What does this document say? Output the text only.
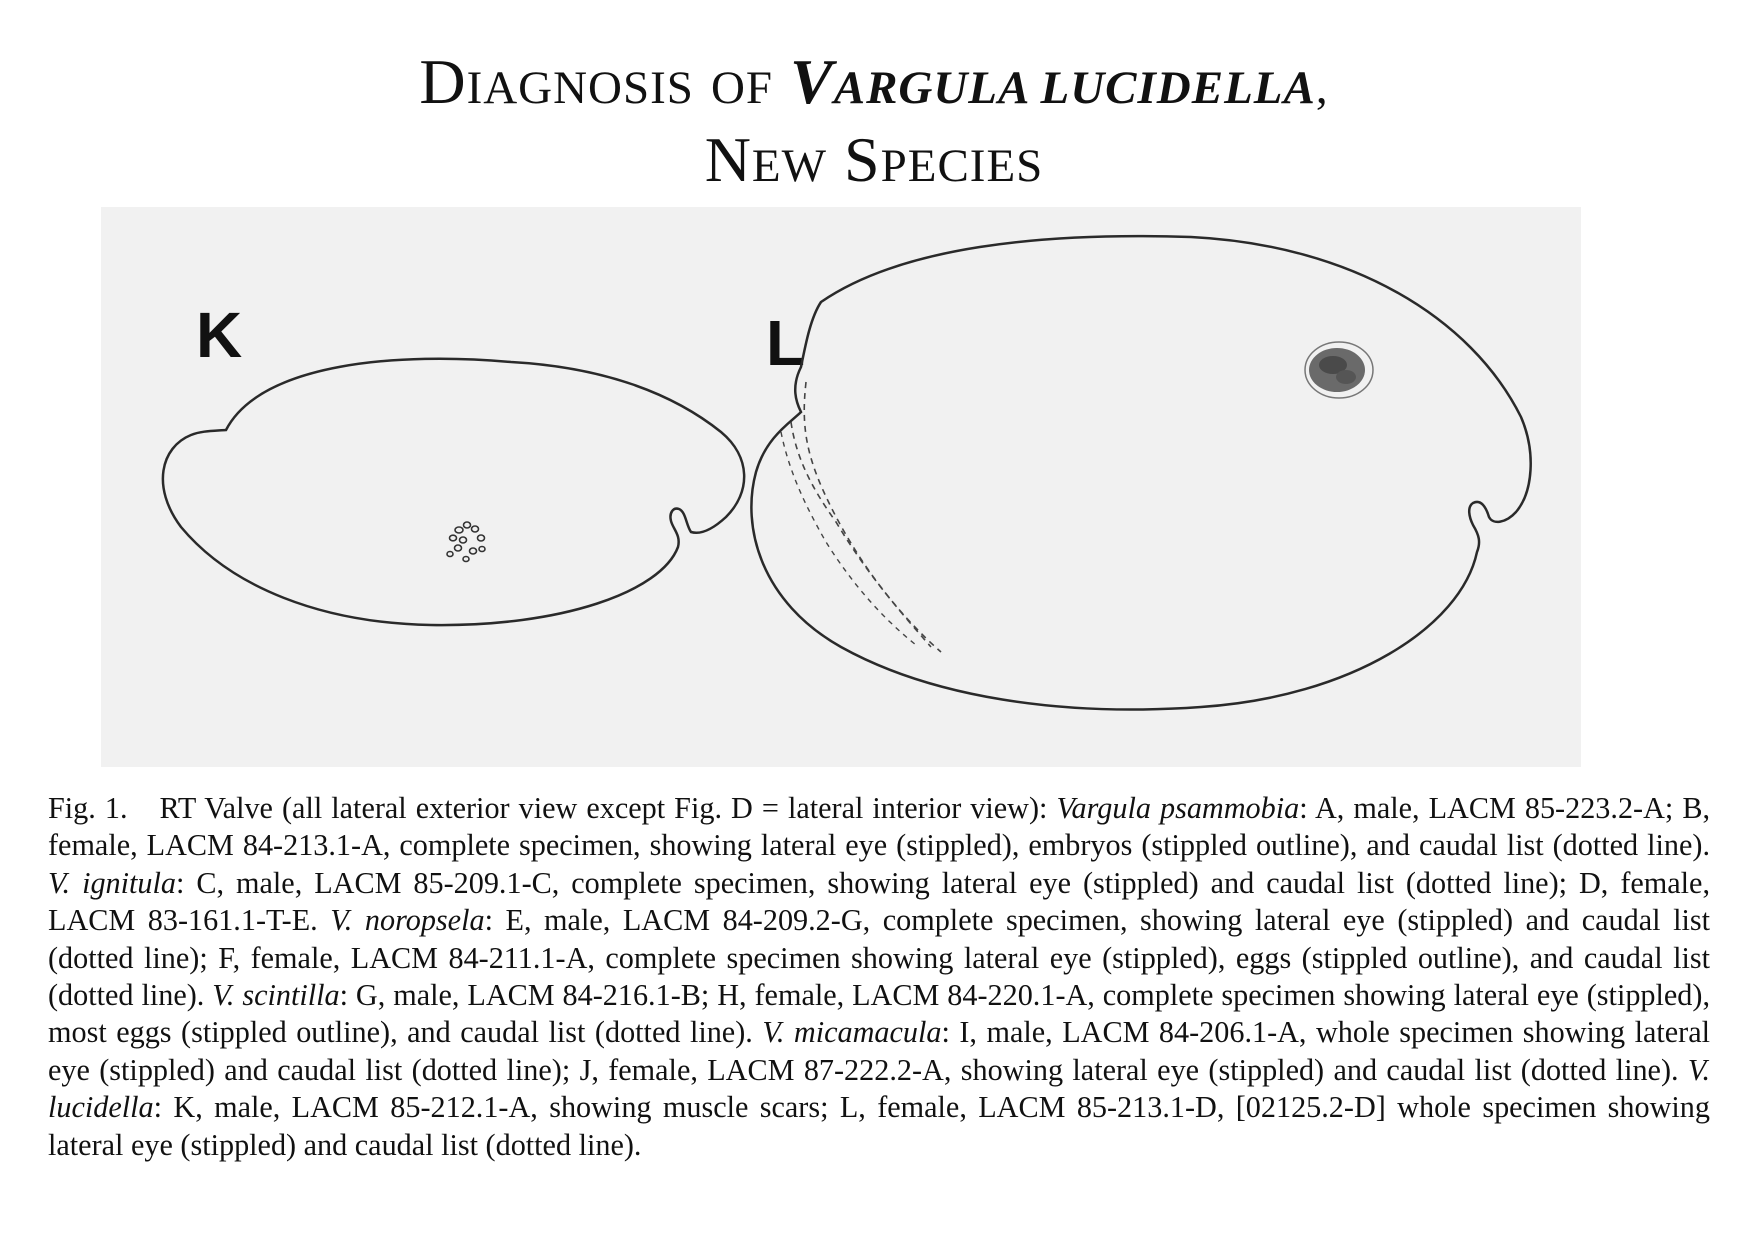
DIAGNOSIS OF VARGULA LUCIDELLA,
NEW SPECIES
K	L
Fig. 1. RT Valve (all lateral exterior view except Fig. D = lateral interior view): Vargula psammobia: A, male, LACM 85-223.2-A; B, female, LACM 84-213.1-A, complete specimen, showing lateral eye (stippled), embryos (stippled outline), and caudal list (dotted line). V. ignitula: C, male, LACM 85-209.1-C, complete specimen, showing lateral eye (stippled) and caudal list (dotted line); D, female, LACM 83-161.1-T-E. V. noropsela: E, male, LACM 84-209.2-G, complete specimen, showing lateral eye (stippled) and caudal list (dotted line); F, female, LACM 84-211.1-A, complete specimen showing lateral eye (stippled), eggs (stippled outline), and caudal list (dotted line). V. scintilla: G, male, LACM 84-216.1-B; H, female, LACM 84-220.1-A, complete specimen showing lateral eye (stippled), most eggs (stippled outline), and caudal list (dotted line). V. micamacula: I, male, LACM 84-206.1-A, whole specimen showing lateral eye (stippled) and caudal list (dotted line); J, female, LACM 87-222.2-A, showing lateral eye (stippled) and caudal list (dotted line). V. lucidella: K, male, LACM 85-212.1-A, showing muscle scars; L, female, LACM 85-213.1-D, [02125.2-D] whole specimen showing lateral eye (stippled) and caudal list (dotted line).
